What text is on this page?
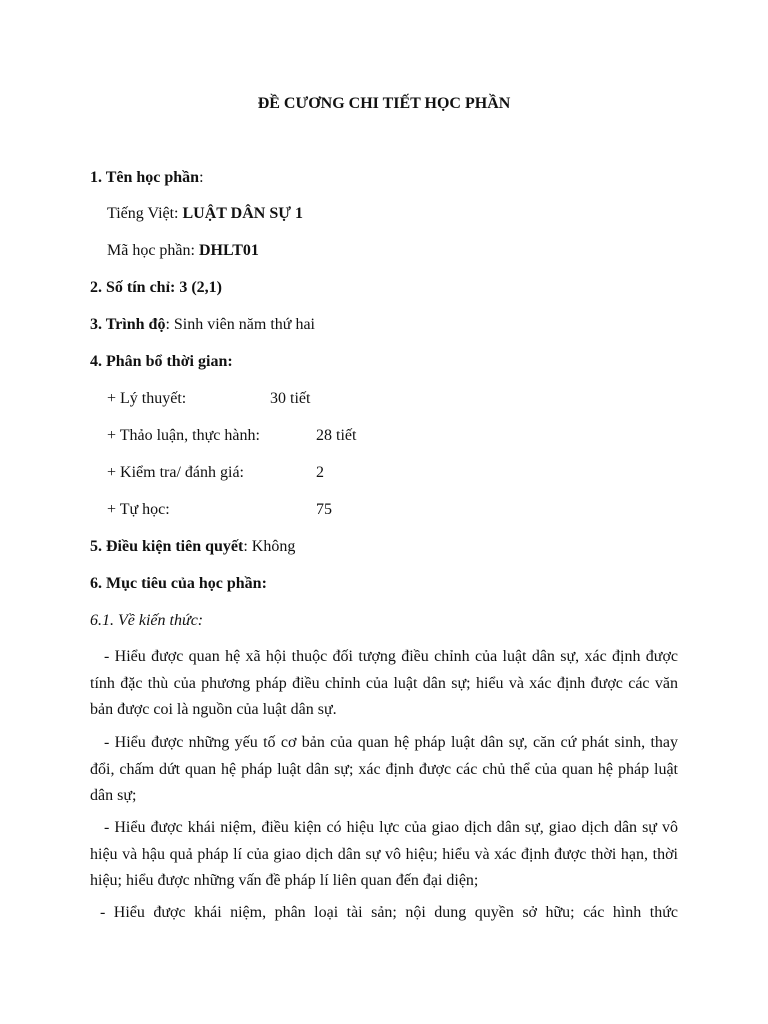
ĐỀ CƯƠNG CHI TIẾT HỌC PHẦN
1. Tên học phần:
Tiếng Việt: LUẬT DÂN SỰ 1
Mã học phần: DHLT01
2. Số tín chỉ: 3 (2,1)
3. Trình độ: Sinh viên năm thứ hai
4. Phân bổ thời gian:
+ Lý thuyết:	30 tiết
+ Thảo luận, thực hành:	28 tiết
+ Kiểm tra/ đánh giá:	2
+ Tự học:	75
5. Điều kiện tiên quyết: Không
6. Mục tiêu của học phần:
6.1. Về kiến thức:
- Hiểu được quan hệ xã hội thuộc đối tượng điều chỉnh của luật dân sự, xác định được tính đặc thù của phương pháp điều chỉnh của luật dân sự; hiểu và xác định được các văn bản được coi là nguồn của luật dân sự.
- Hiểu được những yếu tố cơ bản của quan hệ pháp luật dân sự, căn cứ phát sinh, thay đổi, chấm dứt quan hệ pháp luật dân sự; xác định được các chủ thể của quan hệ pháp luật dân sự;
- Hiểu được khái niệm, điều kiện có hiệu lực của giao dịch dân sự, giao dịch dân sự vô hiệu và hậu quả pháp lí của giao dịch dân sự vô hiệu; hiểu và xác định được thời hạn, thời hiệu; hiểu được những vấn đề pháp lí liên quan đến đại diện;
- Hiểu được khái niệm, phân loại tài sản; nội dung quyền sở hữu; các hình thức
